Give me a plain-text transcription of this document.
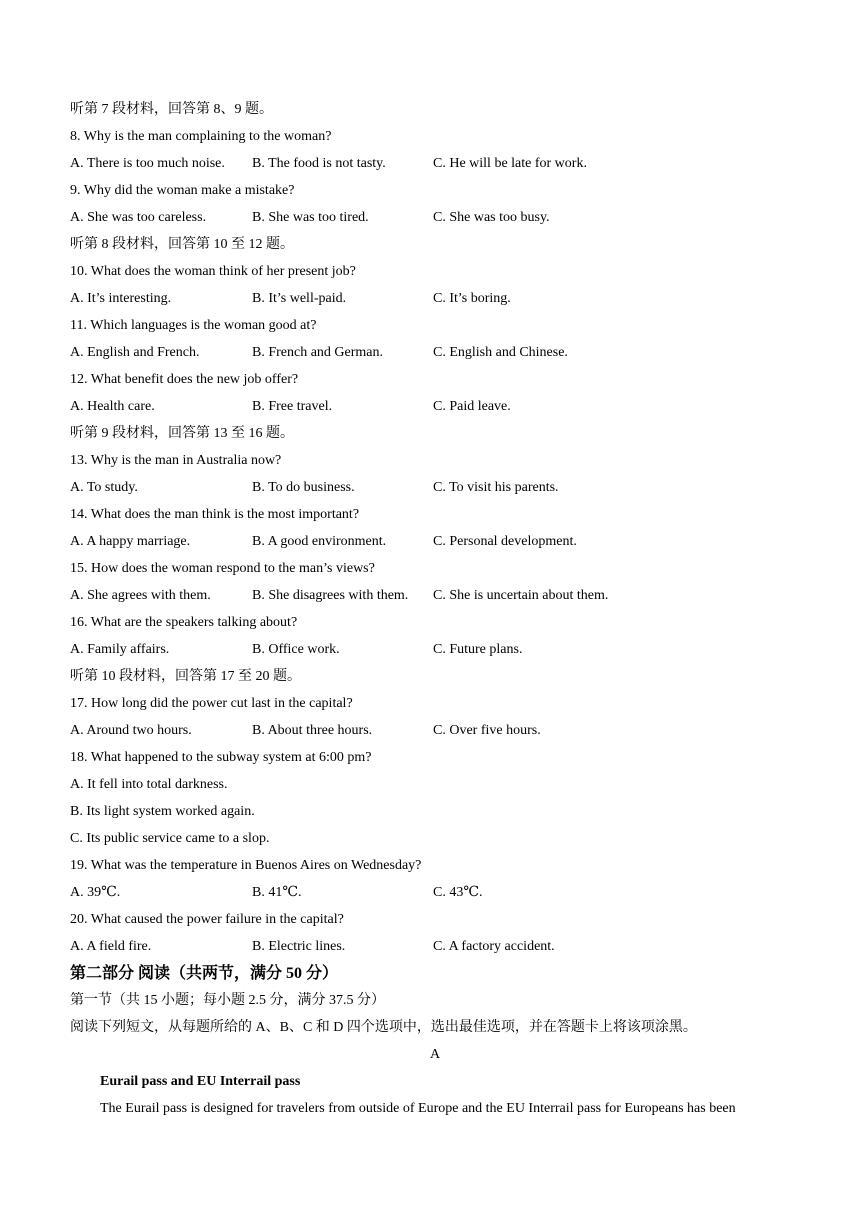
听第 7 段材料，回答第 8、9 题。
8. Why is the man complaining to the woman?
A. There is too much noise. B. The food is not tasty.	C. He will be late for work.
9. Why did the woman make a mistake?
A. She was too careless.	B. She was too tired.	C. She was too busy.
听第 8 段材料，回答第 10 至 12 题。
10. What does the woman think of her present job?
A. It’s interesting.	B. It’s well-paid.	C. It’s boring.
11. Which languages is the woman good at?
A. English and French.	B. French and German.	C. English and Chinese.
12. What benefit does the new job offer?
A. Health care.	B. Free travel.	C. Paid leave.
听第 9 段材料，回答第 13 至 16 题。
13. Why is the man in Australia now?
A. To study.	B. To do business.	C. To visit his parents.
14. What does the man think is the most important?
A. A happy marriage.	B. A good environment.	C. Personal development.
15. How does the woman respond to the man’s views?
A. She agrees with them.	B. She disagrees with them. C. She is uncertain about them.
16. What are the speakers talking about?
A. Family affairs.	B. Office work.	C. Future plans.
听第 10 段材料，回答第 17 至 20 题。
17. How long did the power cut last in the capital?
A. Around two hours.	B. About three hours.	C. Over five hours.
18. What happened to the subway system at 6:00 pm?
A. It fell into total darkness.
B. Its light system worked again.
C. Its public service came to a slop.
19. What was the temperature in Buenos Aires on Wednesday?
A. 39℃.	B. 41℃.	C. 43℃.
20. What caused the power failure in the capital?
A. A field fire.	B. Electric lines.	C. A factory accident.
第二部分 阅读（共两节，满分 50 分）
第一节（共 15 小题；每小题 2.5 分，满分 37.5 分）
阅读下列短文，从每题所给的 A、B、C 和 D 四个选项中，选出最佳选项，并在答题卡上将该项涂黑。
A
Eurail pass and EU Interrail pass
The Eurail pass is designed for travelers from outside of Europe and the EU Interrail pass for Europeans has been
